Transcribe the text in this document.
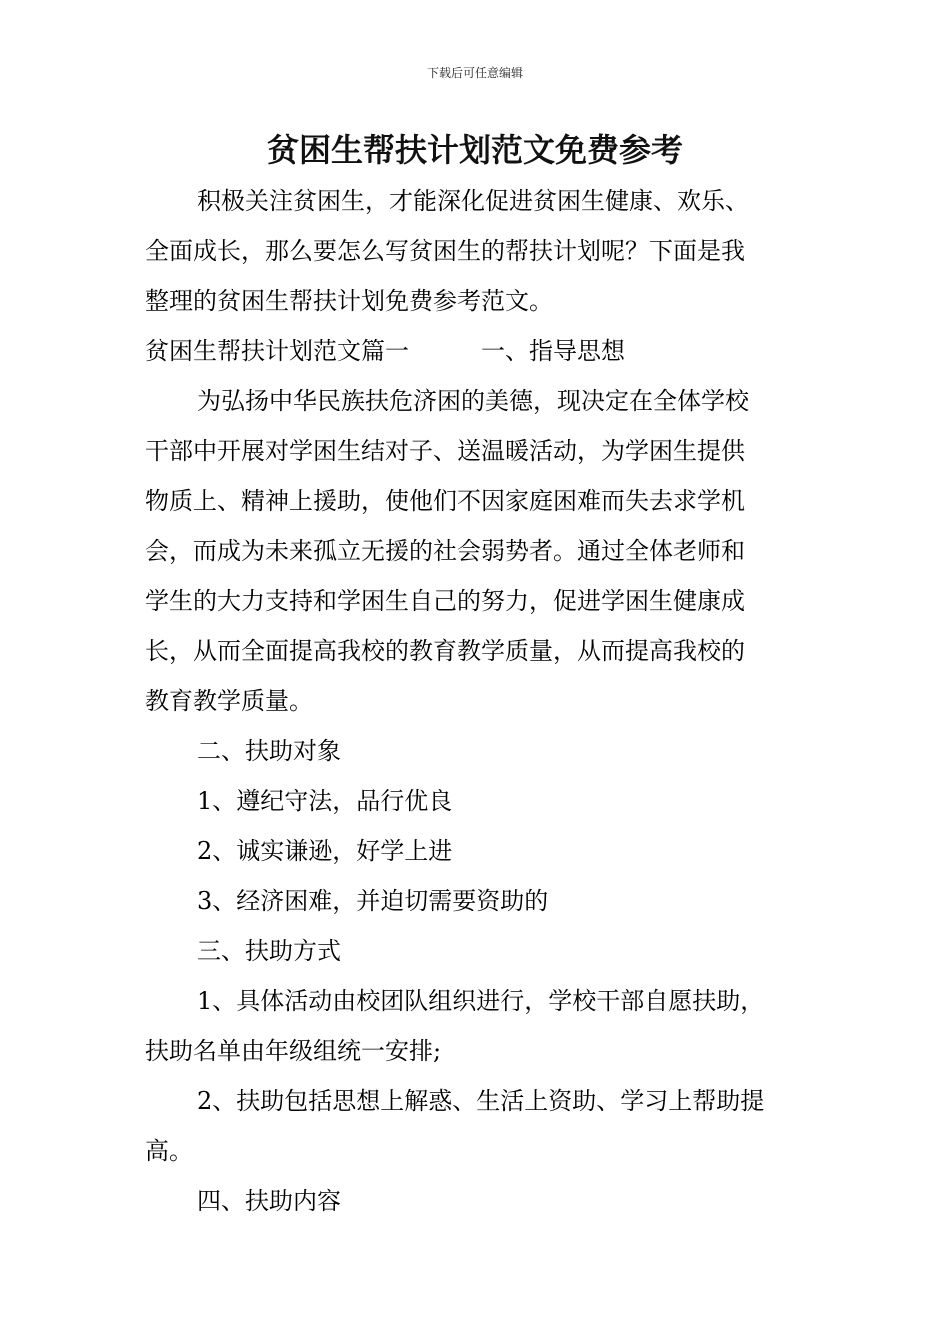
下载后可任意编辑
贫困生帮扶计划范文免费参考
积极关注贫困生，才能深化促进贫困生健康、欢乐、
全面成长，那么要怎么写贫困生的帮扶计划呢？下面是我
整理的贫困生帮扶计划免费参考范文。
贫困生帮扶计划范文篇一　　　一、指导思想
为弘扬中华民族扶危济困的美德，现决定在全体学校
干部中开展对学困生结对子、送温暖活动，为学困生提供
物质上、精神上援助，使他们不因家庭困难而失去求学机
会，而成为未来孤立无援的社会弱势者。通过全体老师和
学生的大力支持和学困生自己的努力，促进学困生健康成
长，从而全面提高我校的教育教学质量，从而提高我校的
教育教学质量。
二、扶助对象
1、遵纪守法，品行优良
2、诚实谦逊，好学上进
3、经济困难，并迫切需要资助的
三、扶助方式
1、具体活动由校团队组织进行，学校干部自愿扶助，
扶助名单由年级组统一安排;
2、扶助包括思想上解惑、生活上资助、学习上帮助提
高。
四、扶助内容
